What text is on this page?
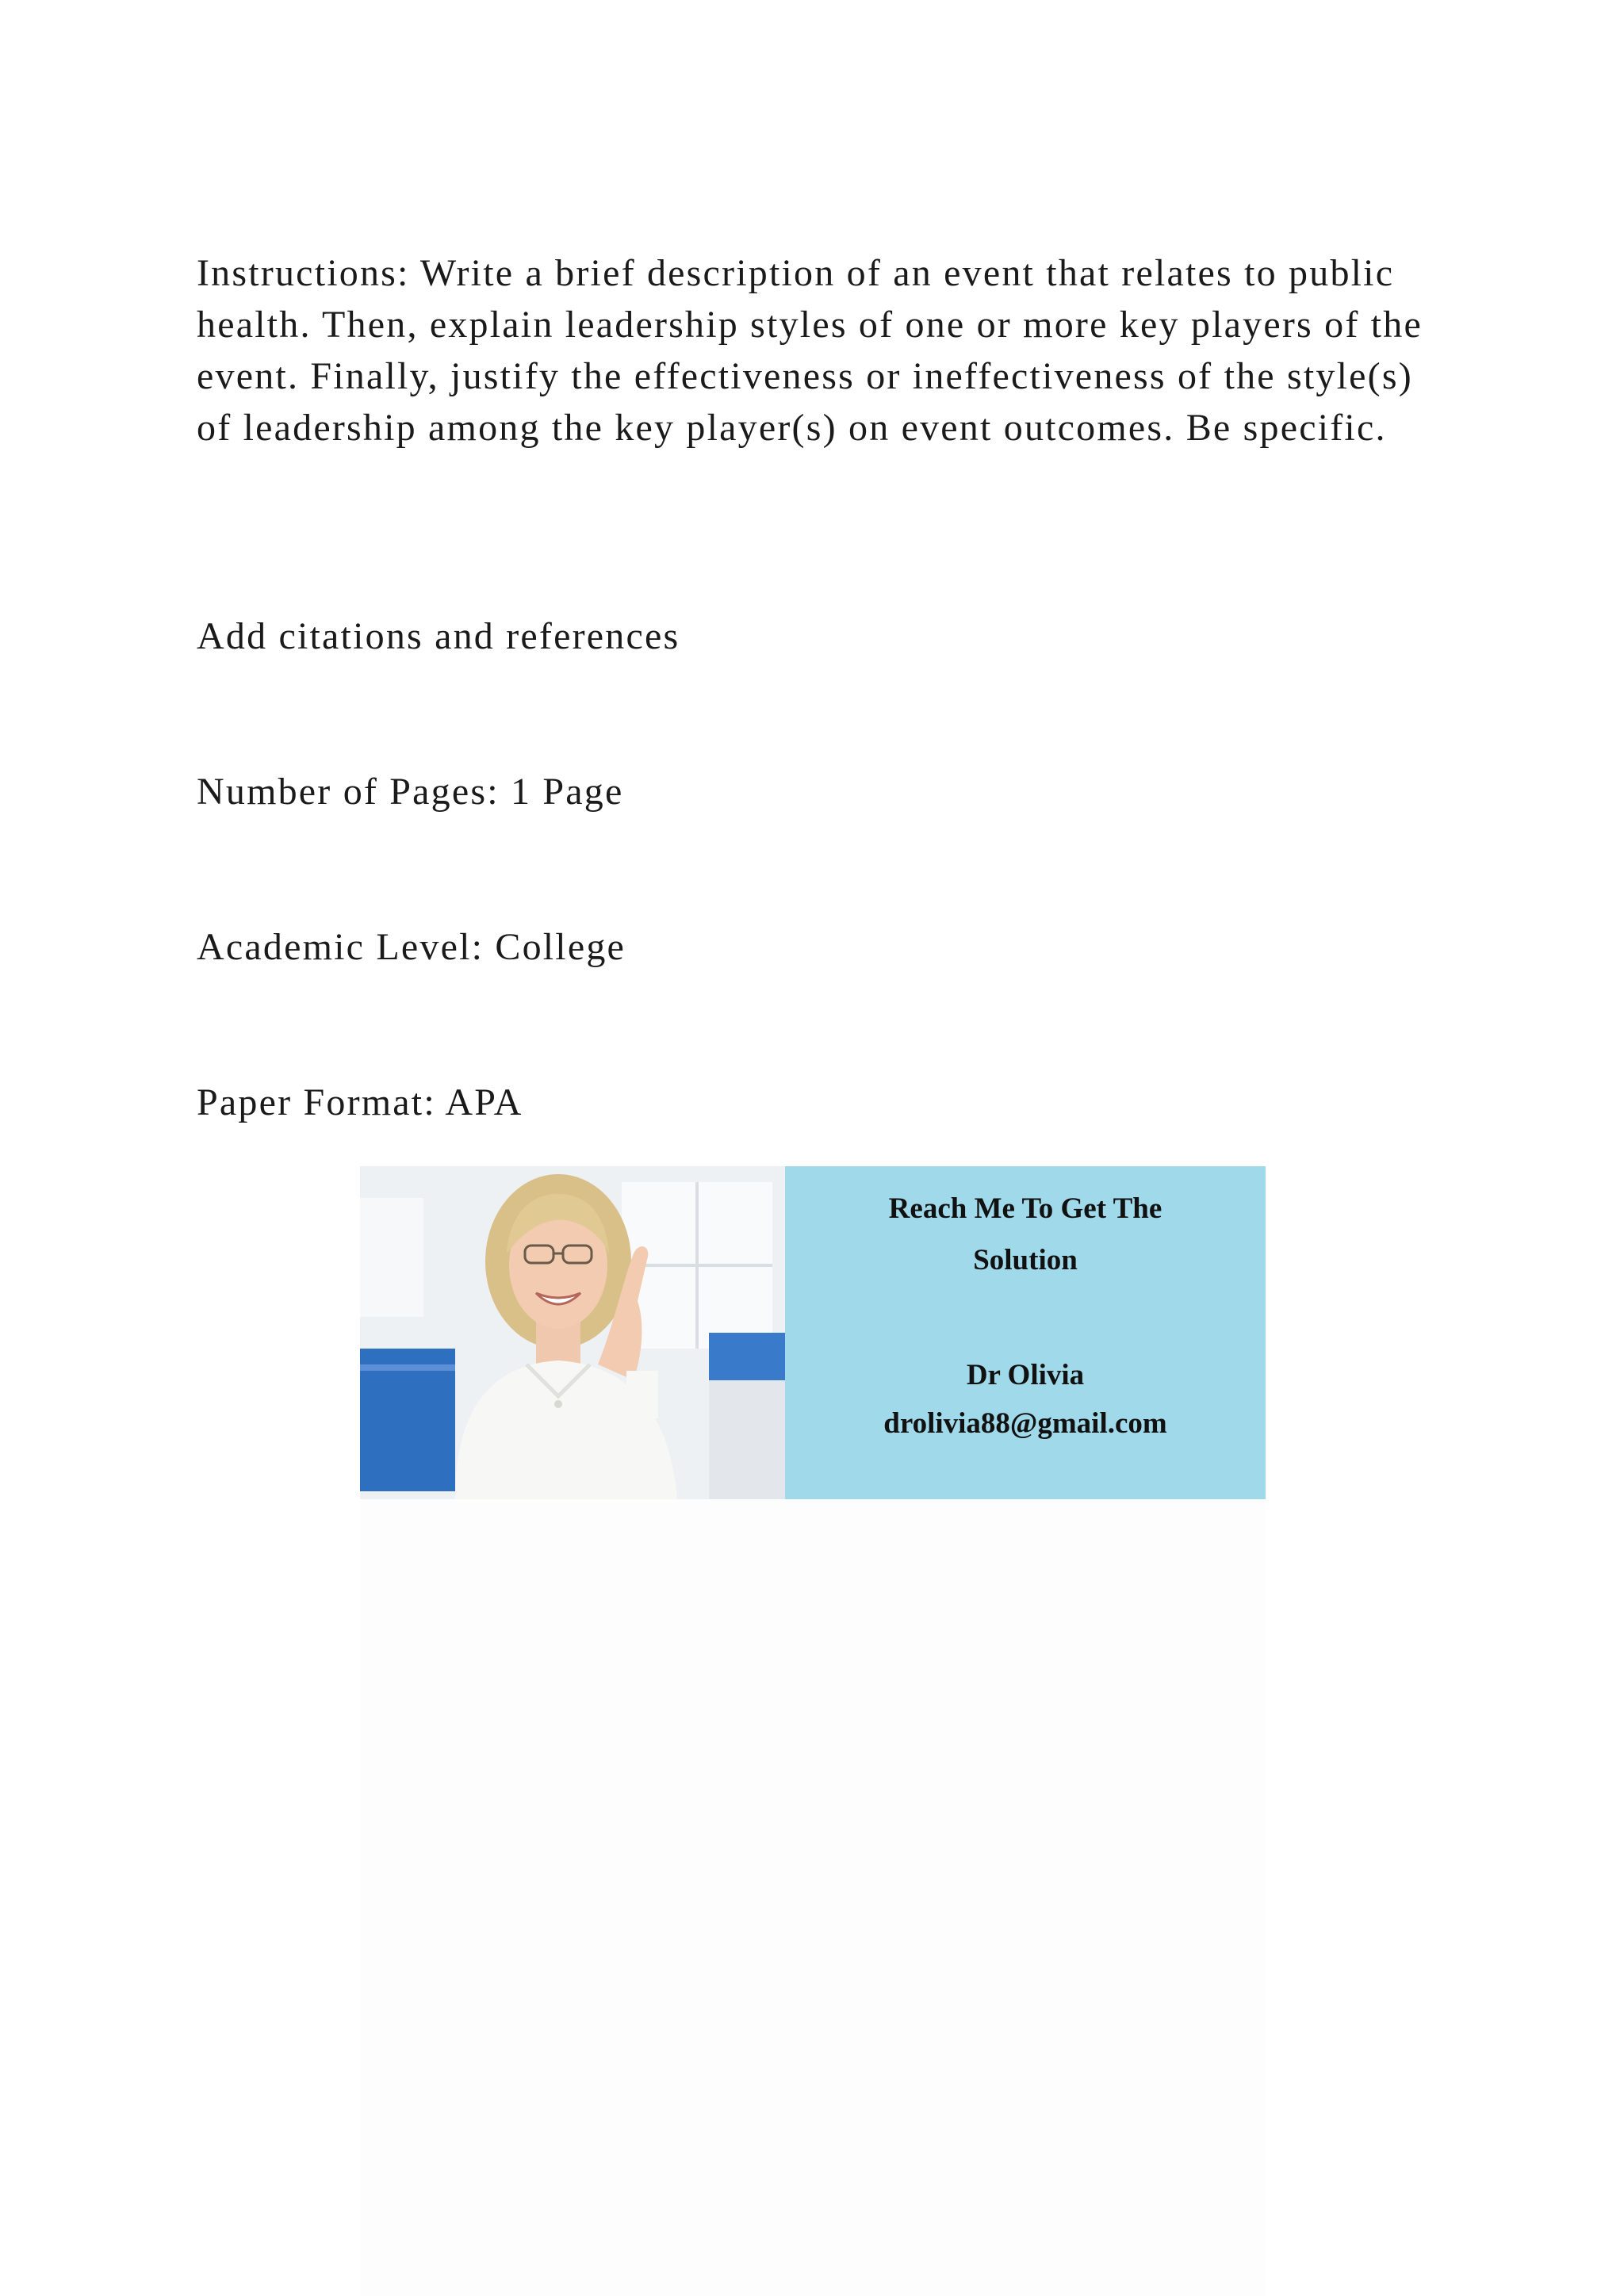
Instructions: Write a brief description of an event that relates to public health. Then, explain leadership styles of one or more key players of the event. Finally, justify the effectiveness or ineffectiveness of the style(s) of leadership among the key player(s) on event outcomes. Be specific.
Add citations and references
Number of Pages: 1 Page
Academic Level: College
Paper Format: APA
Reach Me To Get The
Solution
Dr Olivia
drolivia88@gmail.com
